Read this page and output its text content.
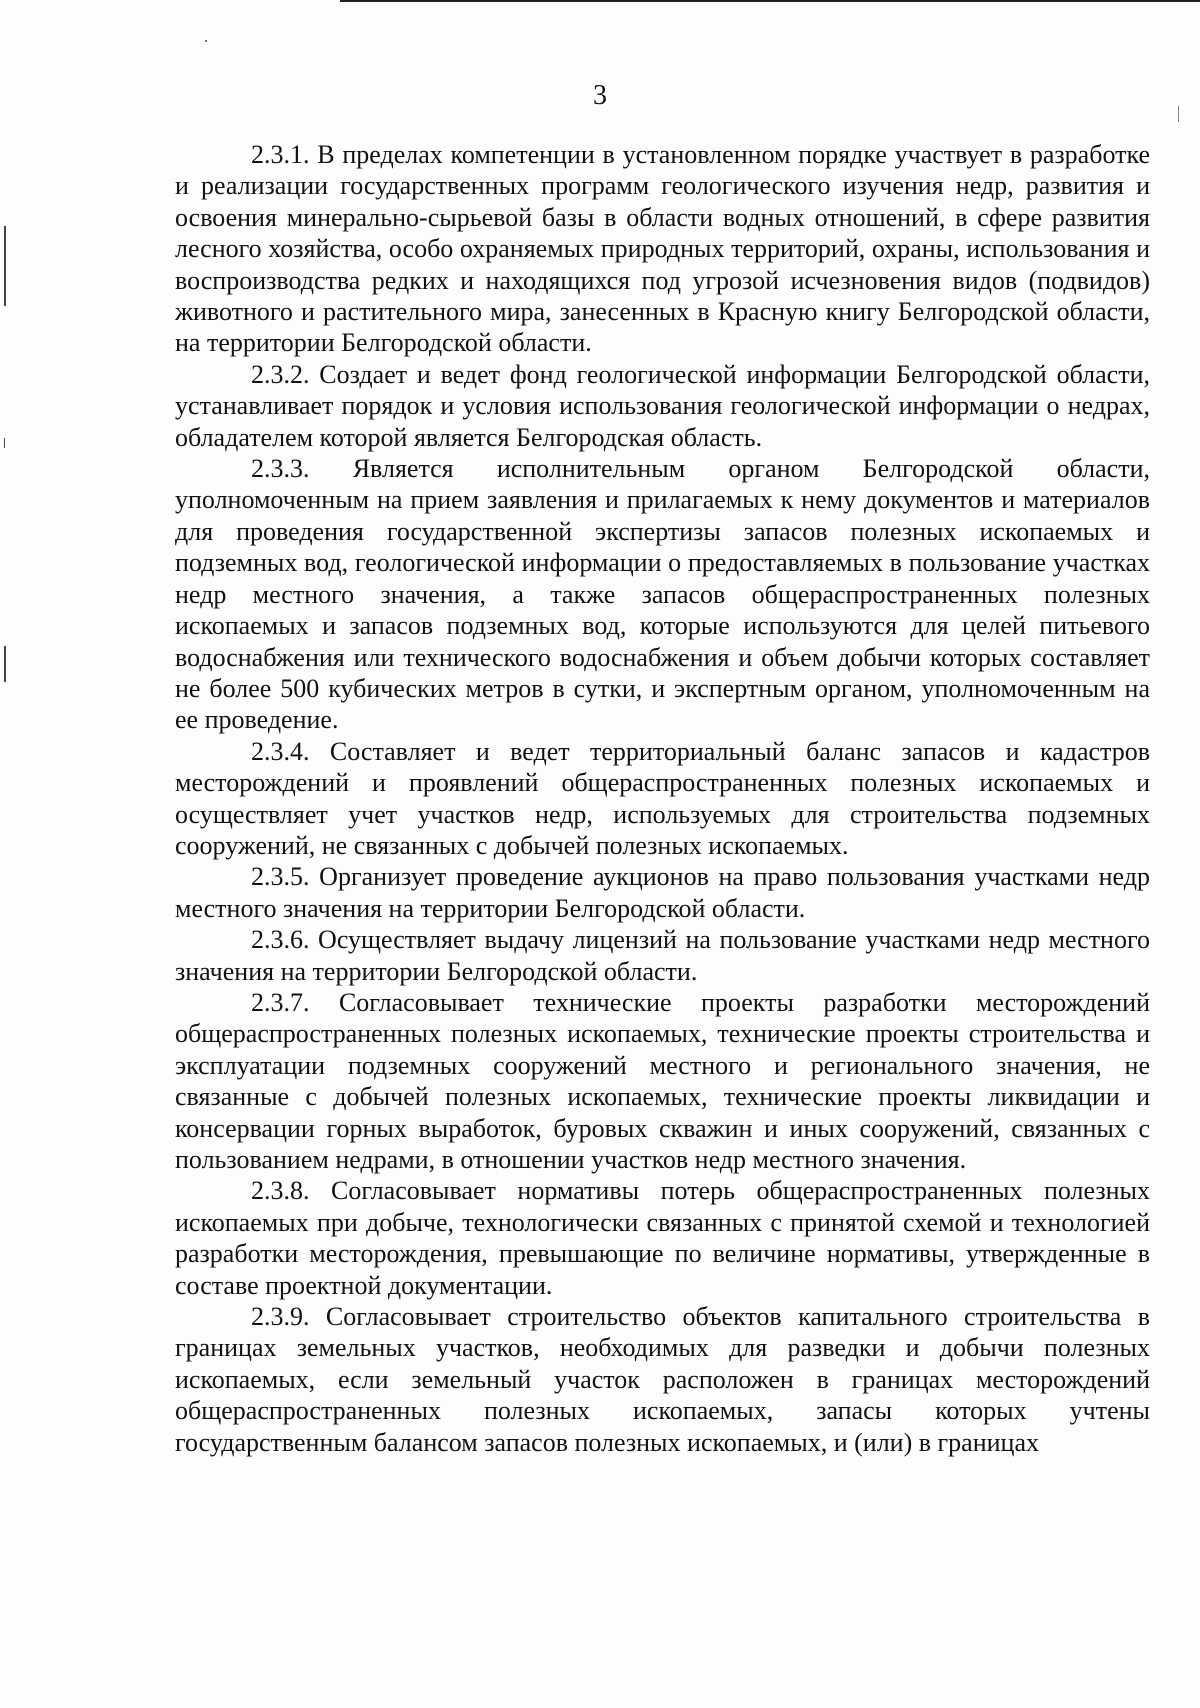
3

2.3.1. В пределах компетенции в установленном порядке участвует в разработке и реализации государственных программ геологического изучения недр, развития и освоения минерально-сырьевой базы в области водных отношений, в сфере развития лесного хозяйства, особо охраняемых природных территорий, охраны, использования и воспроизводства редких и находящихся под угрозой исчезновения видов (подвидов) животного и растительного мира, занесенных в Красную книгу Белгородской области, на территории Белгородской области.

2.3.2. Создает и ведет фонд геологической информации Белгородской области, устанавливает порядок и условия использования геологической информации о недрах, обладателем которой является Белгородская область.

2.3.3. Является исполнительным органом Белгородской области, уполномоченным на прием заявления и прилагаемых к нему документов и материалов для проведения государственной экспертизы запасов полезных ископаемых и подземных вод, геологической информации о предоставляемых в пользование участках недр местного значения, а также запасов общераспространенных полезных ископаемых и запасов подземных вод, которые используются для целей питьевого водоснабжения или технического водоснабжения и объем добычи которых составляет не более 500 кубических метров в сутки, и экспертным органом, уполномоченным на ее проведение.

2.3.4. Составляет и ведет территориальный баланс запасов и кадастров месторождений и проявлений общераспространенных полезных ископаемых и осуществляет учет участков недр, используемых для строительства подземных сооружений, не связанных с добычей полезных ископаемых.

2.3.5. Организует проведение аукционов на право пользования участками недр местного значения на территории Белгородской области.

2.3.6. Осуществляет выдачу лицензий на пользование участками недр местного значения на территории Белгородской области.

2.3.7. Согласовывает технические проекты разработки месторождений общераспространенных полезных ископаемых, технические проекты строительства и эксплуатации подземных сооружений местного и регионального значения, не связанные с добычей полезных ископаемых, технические проекты ликвидации и консервации горных выработок, буровых скважин и иных сооружений, связанных с пользованием недрами, в отношении участков недр местного значения.

2.3.8. Согласовывает нормативы потерь общераспространенных полезных ископаемых при добыче, технологически связанных с принятой схемой и технологией разработки месторождения, превышающие по величине нормативы, утвержденные в составе проектной документации.

2.3.9. Согласовывает строительство объектов капитального строительства в границах земельных участков, необходимых для разведки и добычи полезных ископаемых, если земельный участок расположен в границах месторождений общераспространенных полезных ископаемых, запасы которых учтены государственным балансом запасов полезных ископаемых, и (или) в границах
